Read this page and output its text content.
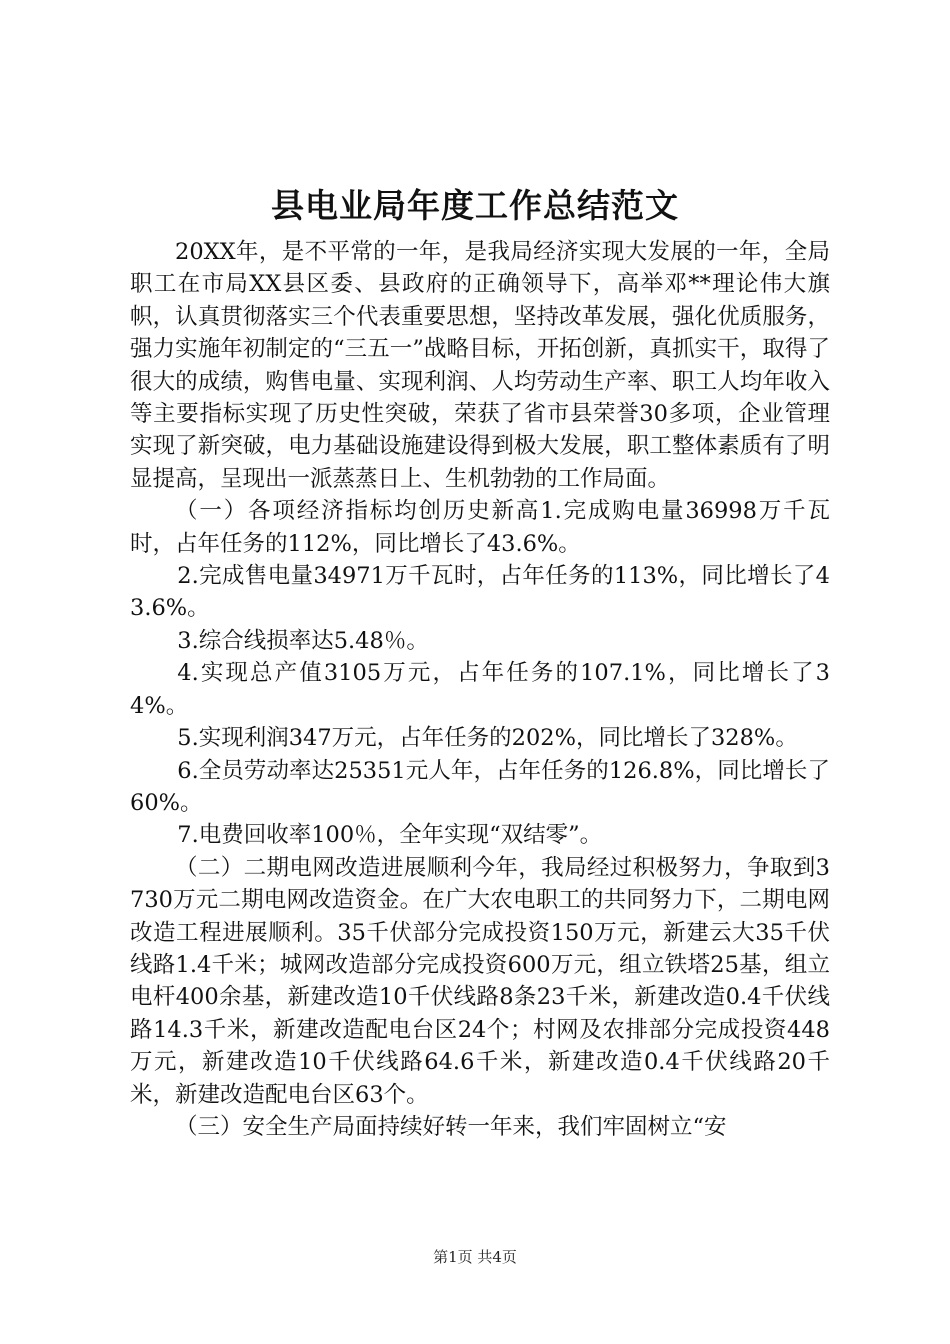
县电业局年度工作总结范文

20XX年，是不平常的一年，是我局经济实现大发展的一年，全局职工在市局XX县区委、县政府的正确领导下，高举邓**理论伟大旗帜，认真贯彻落实三个代表重要思想，坚持改革发展，强化优质服务，强力实施年初制定的“三五一”战略目标，开拓创新，真抓实干，取得了很大的成绩，购售电量、实现利润、人均劳动生产率、职工人均年收入等主要指标实现了历史性突破，荣获了省市县荣誉30多项，企业管理实现了新突破，电力基础设施建设得到极大发展，职工整体素质有了明显提高，呈现出一派蒸蒸日上、生机勃勃的工作局面。

（一）各项经济指标均创历史新高1.完成购电量36998万千瓦时，占年任务的112%，同比增长了43.6%。

2.完成售电量34971万千瓦时，占年任务的113%，同比增长了43.6%。

3.综合线损率达5.48％。

4.实现总产值3105万元，占年任务的107.1%，同比增长了34%。

5.实现利润347万元，占年任务的202%，同比增长了328%。

6.全员劳动率达25351元人年，占年任务的126.8%，同比增长了60%。

7.电费回收率100％，全年实现“双结零”。

（二）二期电网改造进展顺利今年，我局经过积极努力，争取到3730万元二期电网改造资金。在广大农电职工的共同努力下，二期电网改造工程进展顺利。35千伏部分完成投资150万元，新建云大35千伏线路1.4千米；城网改造部分完成投资600万元，组立铁塔25基，组立电杆400余基，新建改造10千伏线路8条23千米，新建改造0.4千伏线路14.3千米，新建改造配电台区24个；村网及农排部分完成投资448万元，新建改造10千伏线路64.6千米，新建改造0.4千伏线路20千米，新建改造配电台区63个。

（三）安全生产局面持续好转一年来，我们牢固树立“安

第1页 共4页
